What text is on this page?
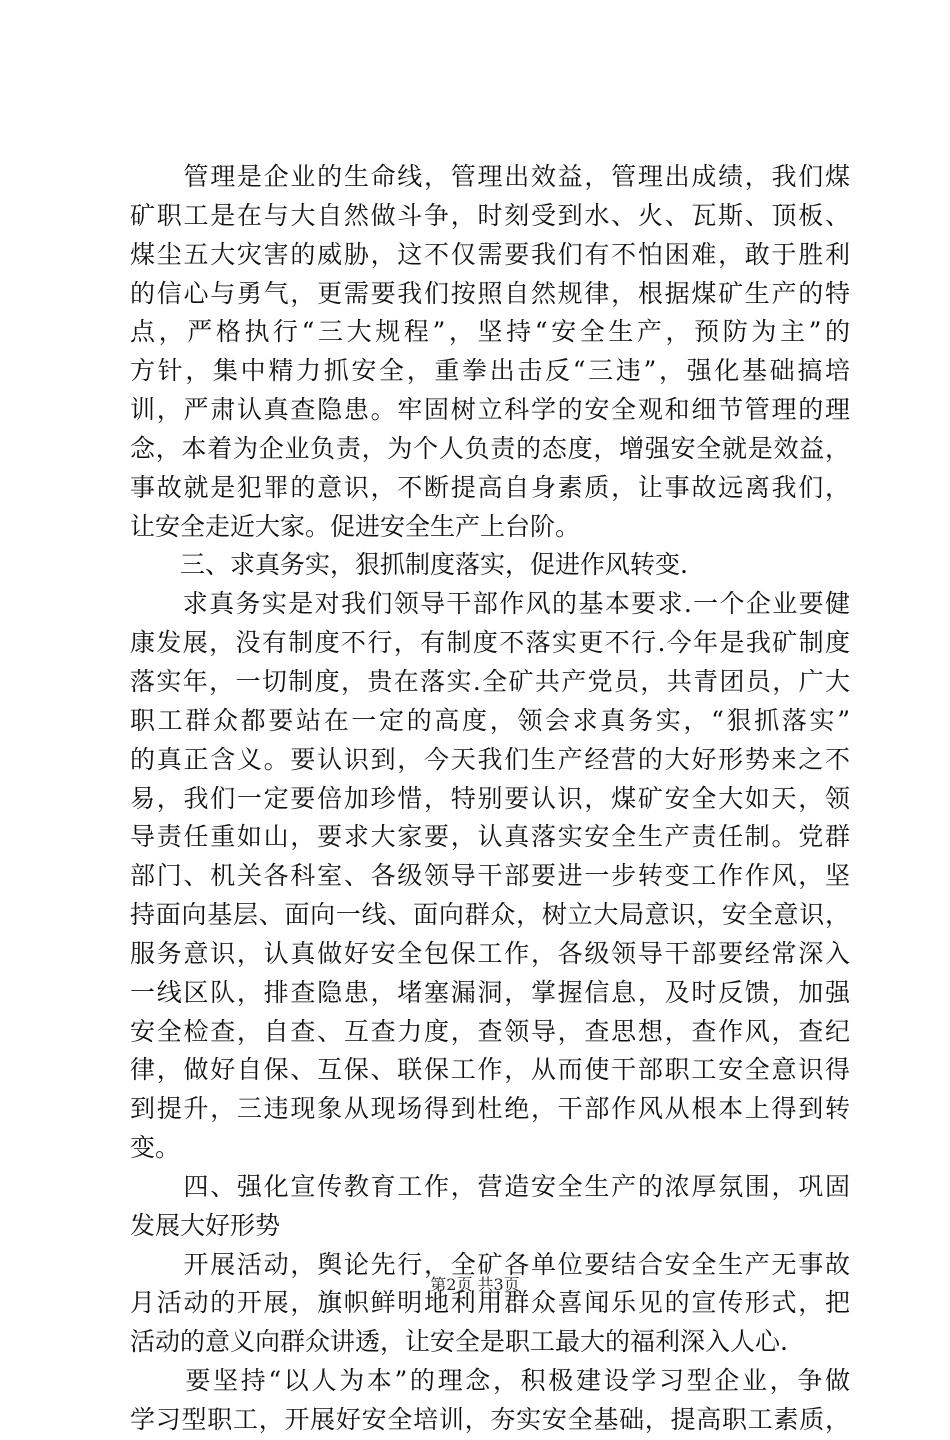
　　管理是企业的生命线，管理出效益，管理出成绩，我们煤
矿职工是在与大自然做斗争，时刻受到水、火、瓦斯、顶板、
煤尘五大灾害的威胁，这不仅需要我们有不怕困难，敢于胜利
的信心与勇气，更需要我们按照自然规律，根据煤矿生产的特
点，严格执行“三大规程”，坚持“安全生产，预防为主”的
方针，集中精力抓安全，重拳出击反“三违”，强化基础搞培
训，严肃认真查隐患。牢固树立科学的安全观和细节管理的理
念，本着为企业负责，为个人负责的态度，增强安全就是效益，
事故就是犯罪的意识，不断提高自身素质，让事故远离我们，
让安全走近大家。促进安全生产上台阶。
　　三、求真务实，狠抓制度落实，促进作风转变.
　　求真务实是对我们领导干部作风的基本要求.一个企业要健
康发展，没有制度不行，有制度不落实更不行.今年是我矿制度
落实年，一切制度，贵在落实.全矿共产党员，共青团员，广大
职工群众都要站在一定的高度，领会求真务实，“狠抓落实”
的真正含义。要认识到，今天我们生产经营的大好形势来之不
易，我们一定要倍加珍惜，特别要认识，煤矿安全大如天，领
导责任重如山，要求大家要，认真落实安全生产责任制。党群
部门、机关各科室、各级领导干部要进一步转变工作作风，坚
持面向基层、面向一线、面向群众，树立大局意识，安全意识，
服务意识，认真做好安全包保工作，各级领导干部要经常深入
一线区队，排查隐患，堵塞漏洞，掌握信息，及时反馈，加强
安全检查，自查、互查力度，查领导，查思想，查作风，查纪
律，做好自保、互保、联保工作，从而使干部职工安全意识得
到提升，三违现象从现场得到杜绝，干部作风从根本上得到转
变。
　　四、强化宣传教育工作，营造安全生产的浓厚氛围，巩固
发展大好形势
　　开展活动，舆论先行，全矿各单位要结合安全生产无事故
月活动的开展，旗帜鲜明地利用群众喜闻乐见的宣传形式，把
活动的意义向群众讲透，让安全是职工最大的福利深入人心.
　　要坚持“以人为本”的理念，积极建设学习型企业，争做
学习型职工，开展好安全培训，夯实安全基础，提高职工素质，
第2页 共3页
